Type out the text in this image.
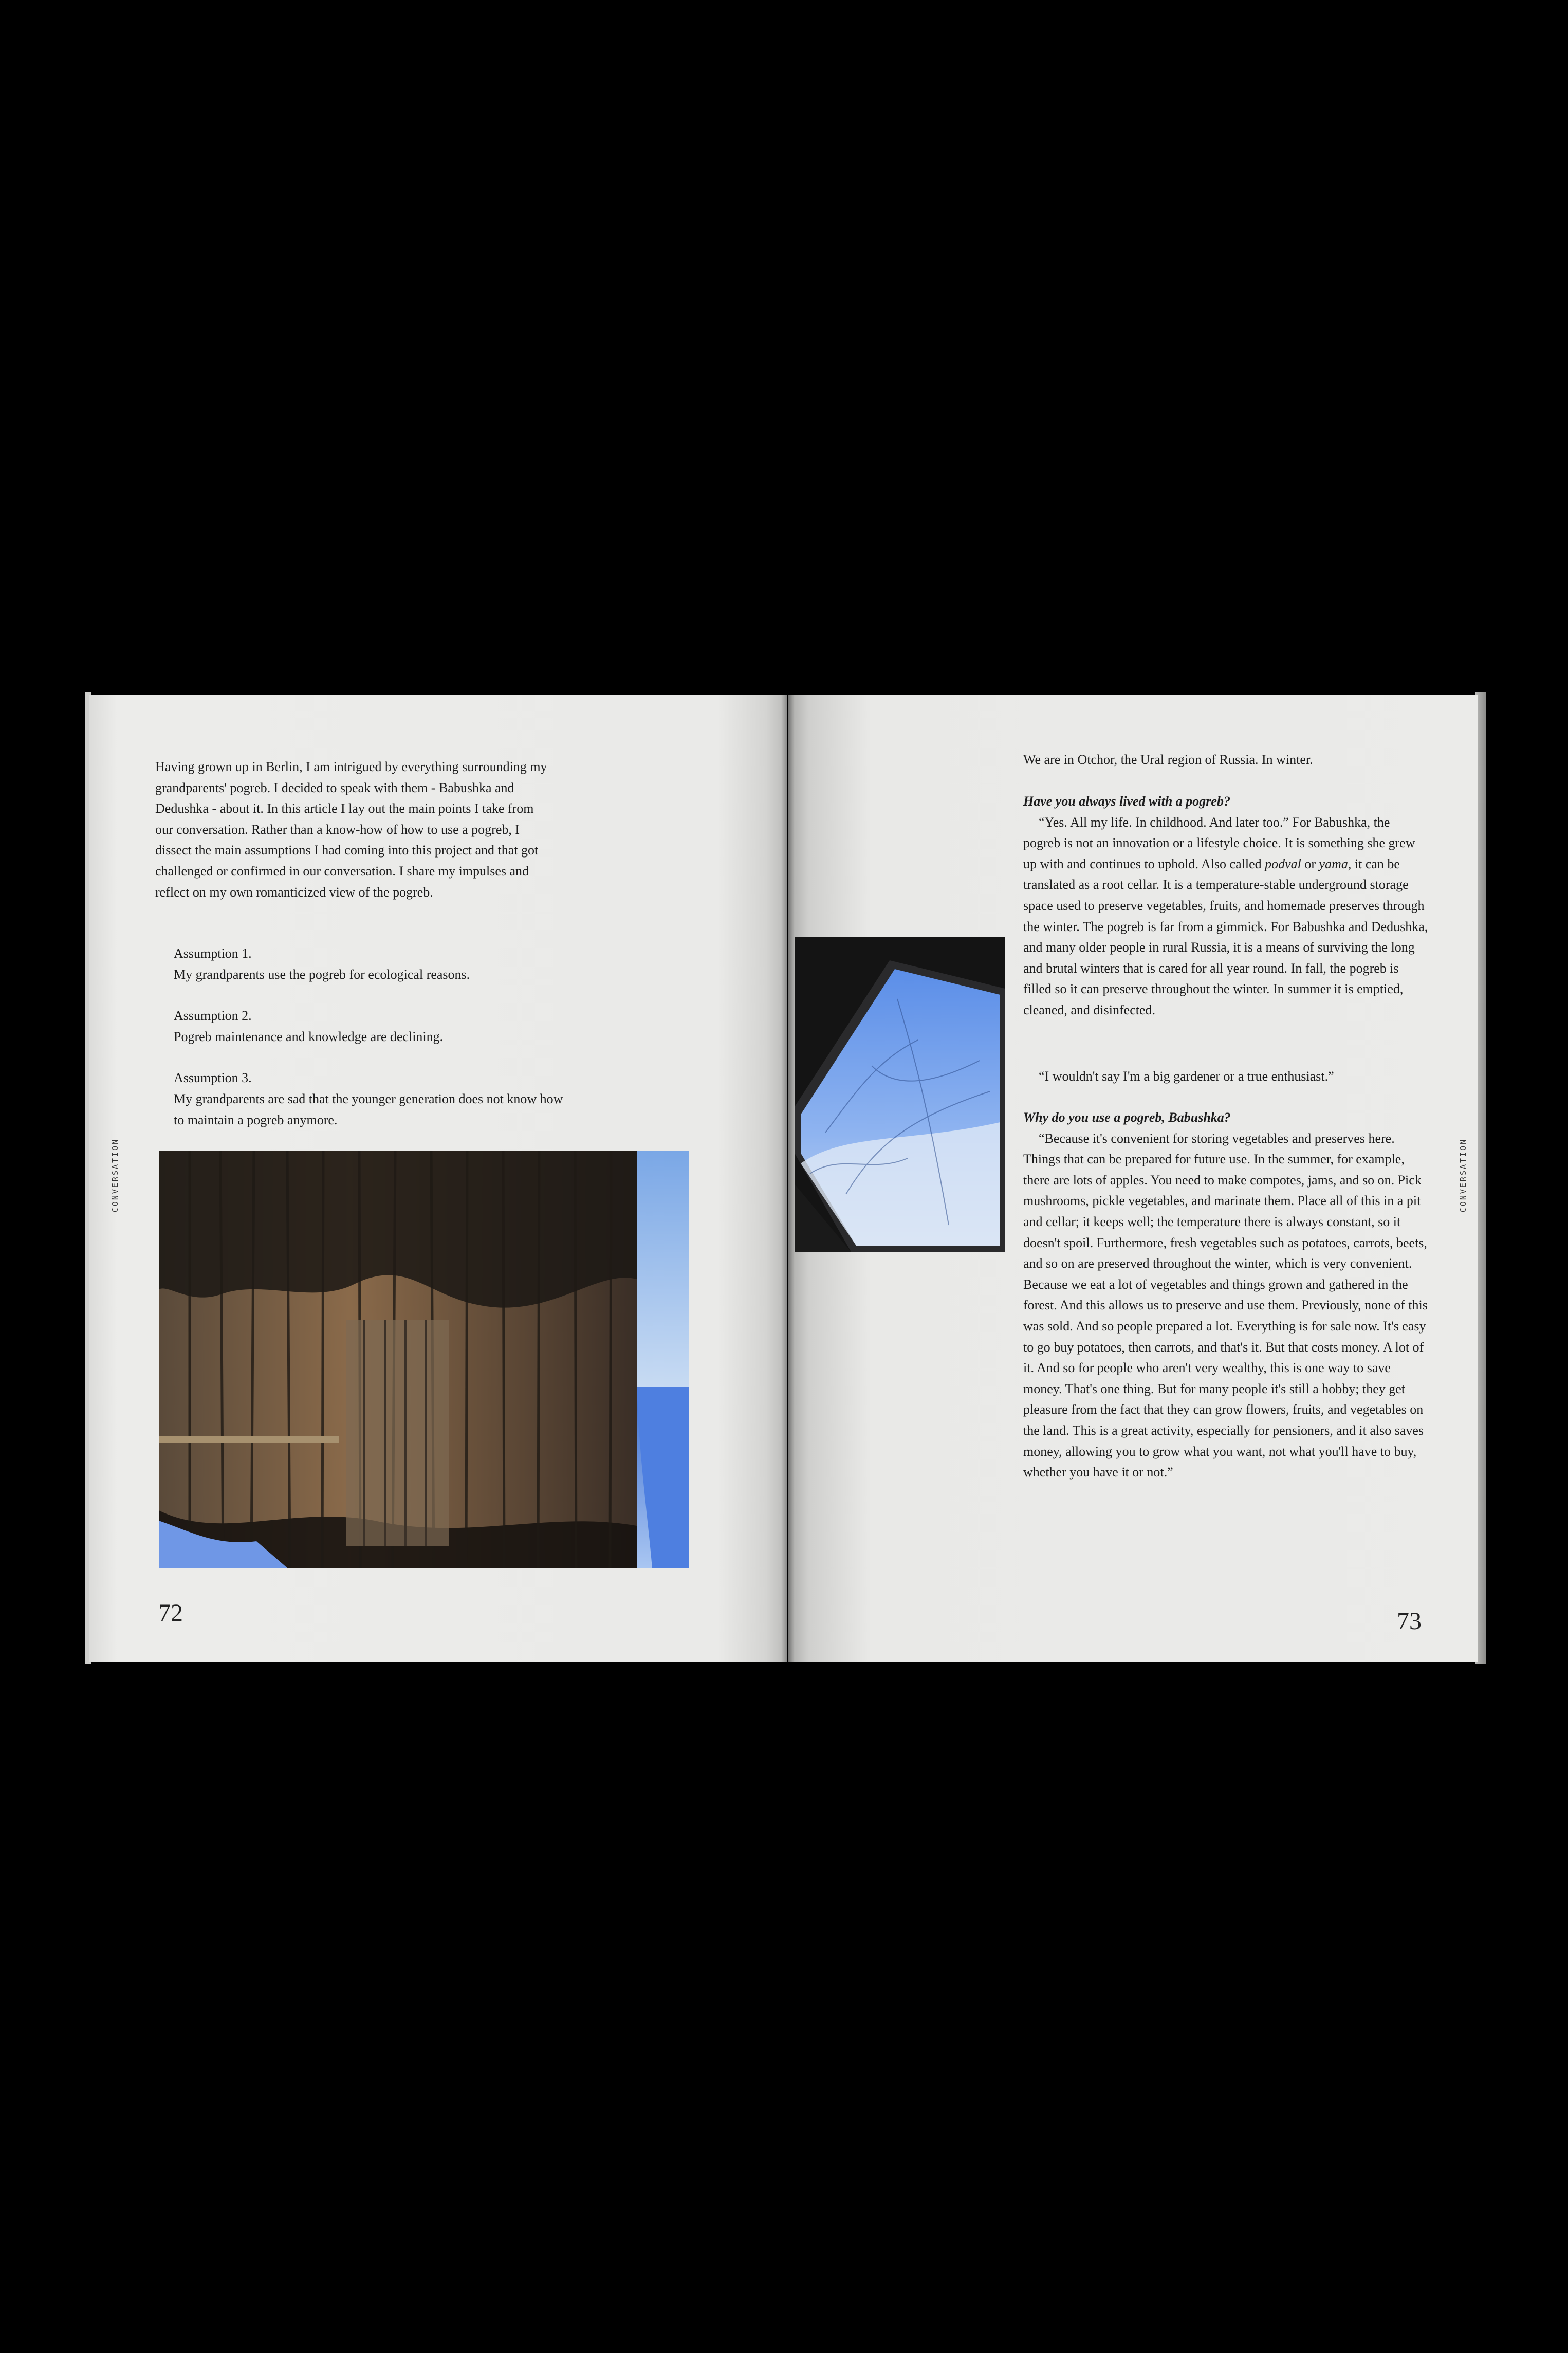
CONVERSATION

Having grown up in Berlin, I am intrigued by everything surrounding my grandparents' pogreb. I decided to speak with them - Babushka and Dedushka - about it. In this article I lay out the main points I take from our conversation. Rather than a know-how of how to use a pogreb, I dissect the main assumptions I had coming into this project and that got challenged or confirmed in our conversation. I share my impulses and reflect on my own romanticized view of the pogreb.

Assumption 1.
My grandparents use the pogreb for ecological reasons.
Assumption 2.
Pogreb maintenance and knowledge are declining.
Assumption 3.
My grandparents are sad that the younger generation does not know how to maintain a pogreb anymore.
72

We are in Otchor, the Ural region of Russia. In winter.

Have you always lived with a pogreb?

“Yes. All my life. In childhood. And later too.” For Babushka, the pogreb is not an innovation or a lifestyle choice. It is something she grew up with and continues to uphold. Also called podval or yama, it can be translated as a root cellar. It is a temperature-stable underground storage space used to preserve vegetables, fruits, and homemade preserves through the winter. The pogreb is far from a gimmick. For Babushka and Dedushka, and many older people in rural Russia, it is a means of surviving the long and brutal winters that is cared for all year round. In fall, the pogreb is filled so it can preserve throughout the winter. In summer it is emptied, cleaned, and disinfected.

“I wouldn't say I'm a big gardener or a true enthusiast.”

Why do you use a pogreb, Babushka?

“Because it's convenient for storing vegetables and preserves here. Things that can be prepared for future use. In the summer, for example, there are lots of apples. You need to make compotes, jams, and so on. Pick mushrooms, pickle vegetables, and marinate them. Place all of this in a pit and cellar; it keeps well; the temperature there is always constant, so it doesn't spoil. Furthermore, fresh vegetables such as potatoes, carrots, beets, and so on are preserved throughout the winter, which is very convenient. Because we eat a lot of vegetables and things grown and gathered in the forest. And this allows us to preserve and use them. Previously, none of this was sold. And so people prepared a lot. Everything is for sale now. It's easy to go buy potatoes, then carrots, and that's it. But that costs money. A lot of it. And so for people who aren't very wealthy, this is one way to save money. That's one thing. But for many people it's still a hobby; they get pleasure from the fact that they can grow flowers, fruits, and vegetables on the land. This is a great activity, especially for pensioners, and it also saves money, allowing you to grow what you want, not what you'll have to buy, whether you have it or not.”

CONVERSATION
73
